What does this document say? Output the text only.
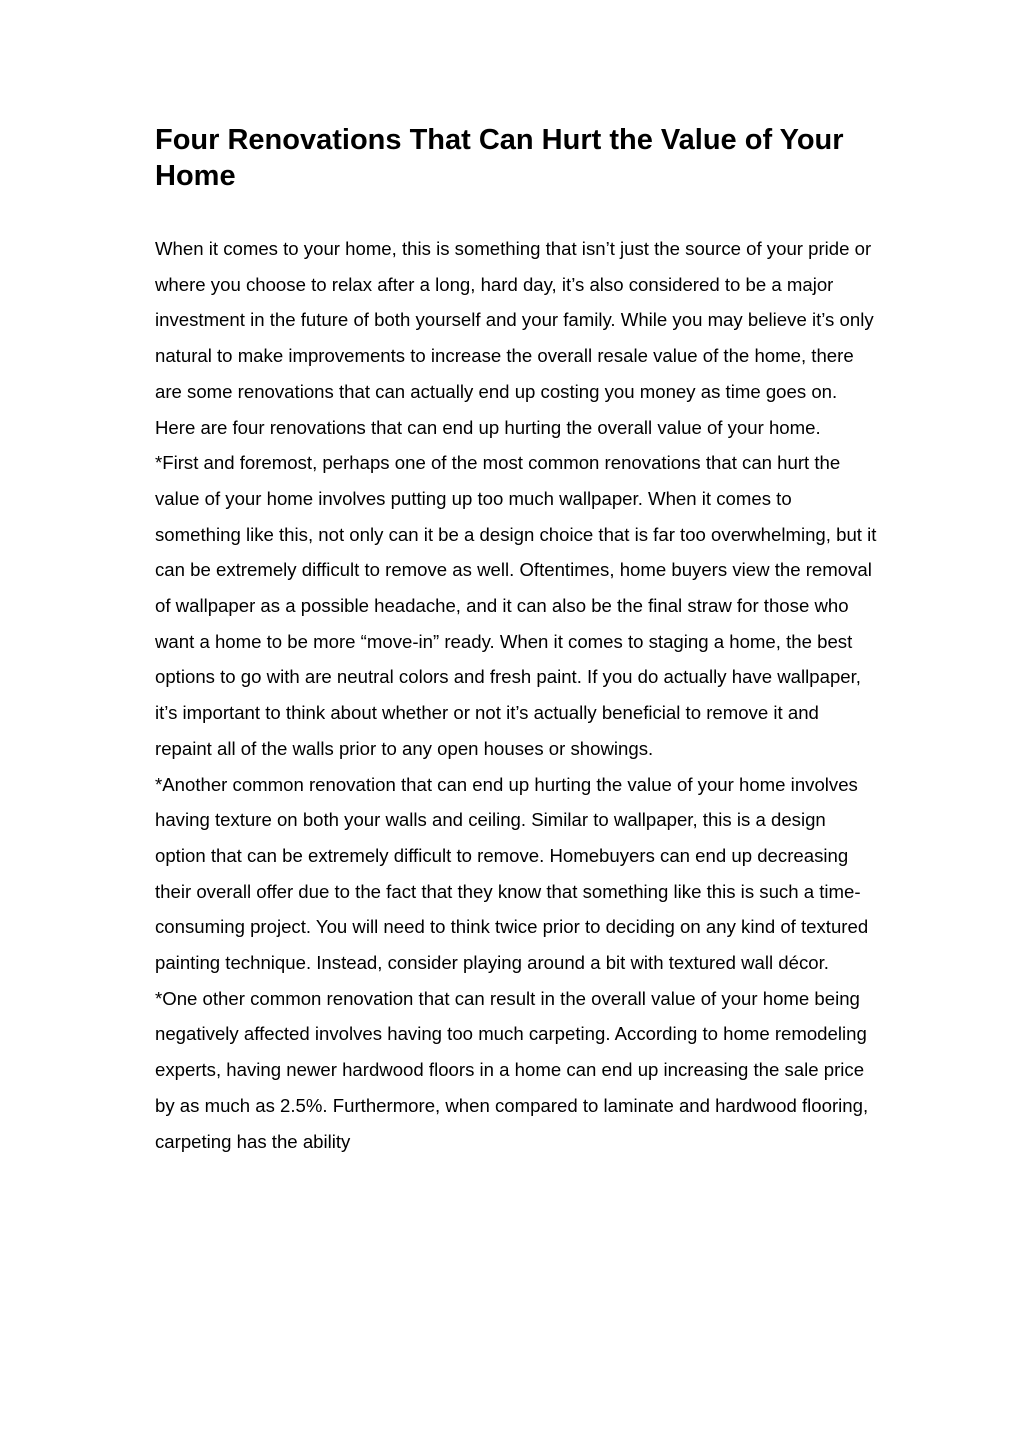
Four Renovations That Can Hurt the Value of Your Home

When it comes to your home, this is something that isn’t just the source of your pride or where you choose to relax after a long, hard day, it’s also considered to be a major investment in the future of both yourself and your family. While you may believe it’s only natural to make improvements to increase the overall resale value of the home, there are some renovations that can actually end up costing you money as time goes on.

Here are four renovations that can end up hurting the overall value of your home.

*First and foremost, perhaps one of the most common renovations that can hurt the value of your home involves putting up too much wallpaper. When it comes to something like this, not only can it be a design choice that is far too overwhelming, but it can be extremely difficult to remove as well. Oftentimes, home buyers view the removal of wallpaper as a possible headache, and it can also be the final straw for those who want a home to be more “move-in” ready. When it comes to staging a home, the best options to go with are neutral colors and fresh paint. If you do actually have wallpaper, it’s important to think about whether or not it’s actually beneficial to remove it and repaint all of the walls prior to any open houses or showings.

*Another common renovation that can end up hurting the value of your home involves having texture on both your walls and ceiling. Similar to wallpaper, this is a design option that can be extremely difficult to remove. Homebuyers can end up decreasing their overall offer due to the fact that they know that something like this is such a time-consuming project. You will need to think twice prior to deciding on any kind of textured painting technique. Instead, consider playing around a bit with textured wall décor.

*One other common renovation that can result in the overall value of your home being negatively affected involves having too much carpeting. According to home remodeling experts, having newer hardwood floors in a home can end up increasing the sale price by as much as 2.5%. Furthermore, when compared to laminate and hardwood flooring, carpeting has the ability
